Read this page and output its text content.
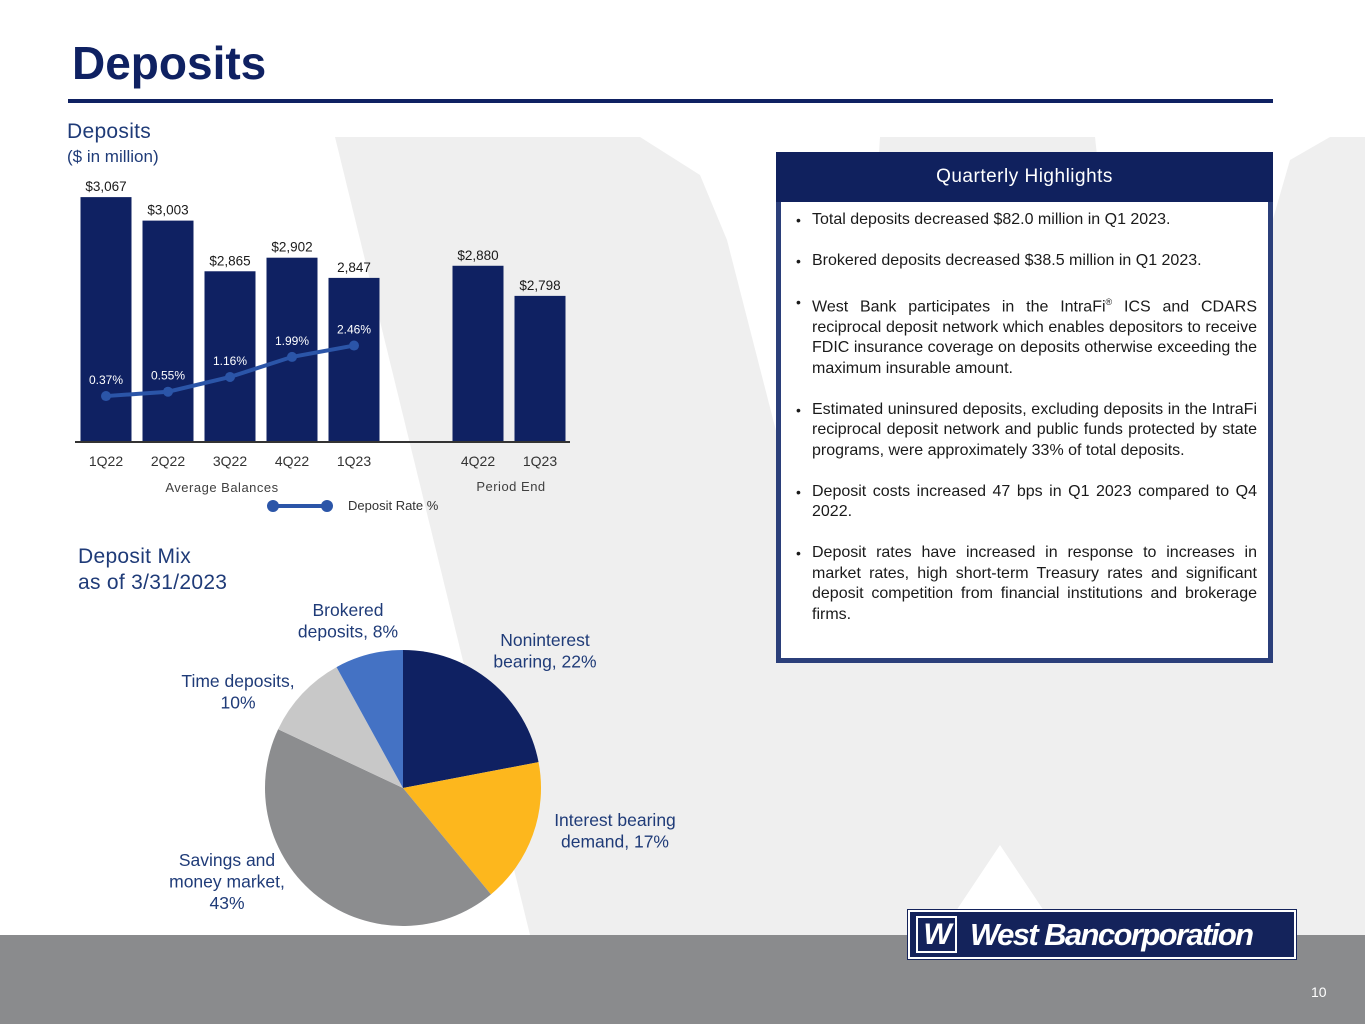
Deposits
Deposits
($ in million)
$3,067
$3,003
$2,865
$2,902
2,847
$2,880
$2,798
0.37% 0.55%
1.16%
1.99%
2.46%
1Q22 2Q22 3Q22 4Q22 1Q23	4Q22 1Q23
Average Balances	Period End
Deposit Rate %
Deposit Mix
as of 3/31/2023
Noninterest bearing, 22%
Interest bearing demand, 17%
Savings and money market, 43%
Time deposits, 10%
Brokered deposits, 8%
Quarterly Highlights
• Total deposits decreased $82.0 million in Q1 2023.
• Brokered deposits decreased $38.5 million in Q1 2023.
• West Bank participates in the IntraFi® ICS and CDARS reciprocal deposit network which enables depositors to receive FDIC insurance coverage on deposits otherwise exceeding the maximum insurable amount.
• Estimated uninsured deposits, excluding deposits in the IntraFi reciprocal deposit network and public funds protected by state programs, were approximately 33% of total deposits.
• Deposit costs increased 47 bps in Q1 2023 compared to Q4 2022.
• Deposit rates have increased in response to increases in market rates, high short-term Treasury rates and significant deposit competition from financial institutions and brokerage firms.
W West Bancorporation
10
